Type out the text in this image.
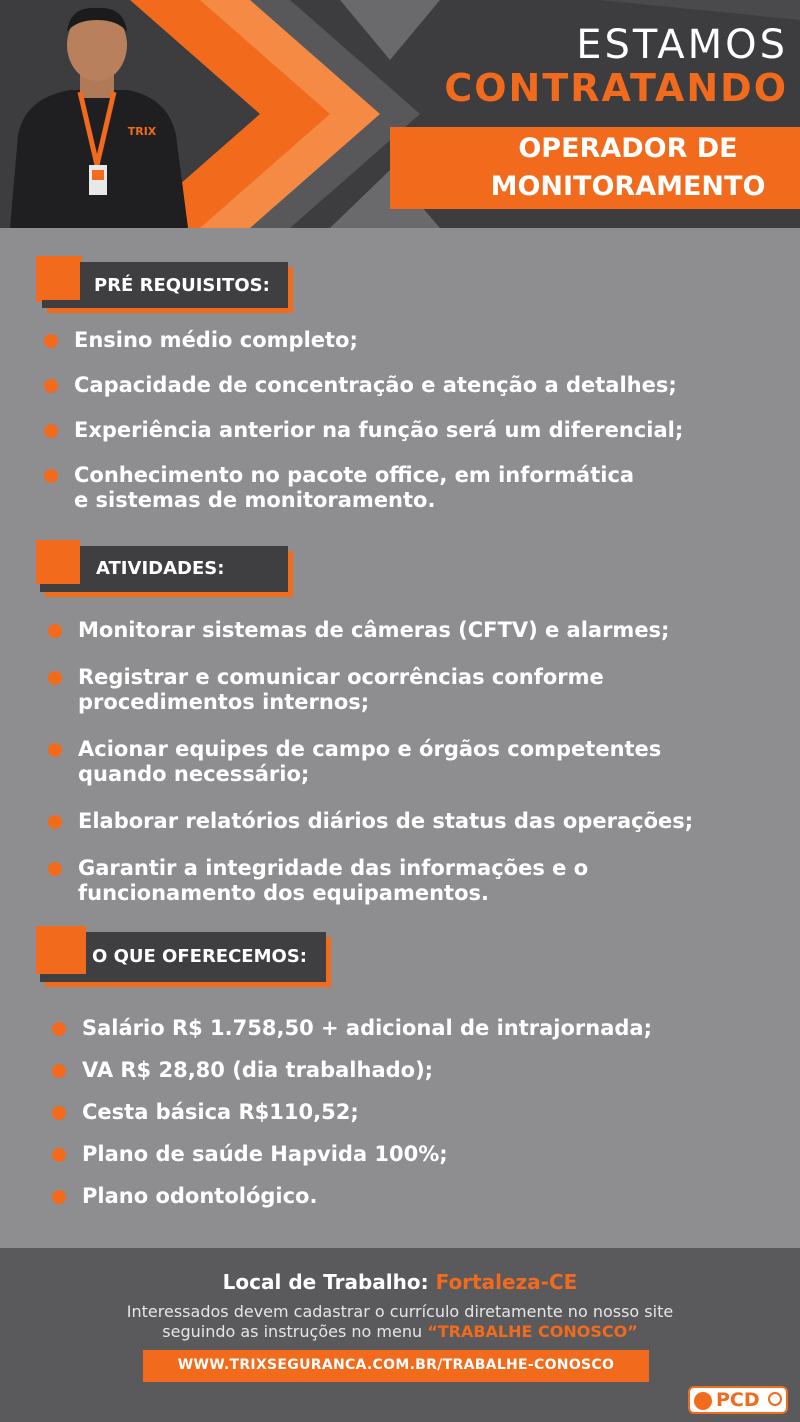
TRIX
ESTAMOS
CONTRATANDO
OPERADOR DE
MONITORAMENTO
PRÉ REQUISITOS:
Ensino médio completo;
Capacidade de concentração e atenção a detalhes;
Experiência anterior na função será um diferencial;
Conhecimento no pacote office, em informática e sistemas de monitoramento.
ATIVIDADES:
Monitorar sistemas de câmeras (CFTV) e alarmes;
Registrar e comunicar ocorrências conforme procedimentos internos;
Acionar equipes de campo e órgãos competentes quando necessário;
Elaborar relatórios diários de status das operações;
Garantir a integridade das informações e o funcionamento dos equipamentos.
O QUE OFERECEMOS:
Salário R$ 1.758,50 + adicional de intrajornada;
VA R$ 28,80 (dia trabalhado);
Cesta básica R$110,52;
Plano de saúde Hapvida 100%;
Plano odontológico.
Local de Trabalho: Fortaleza-CE
Interessados devem cadastrar o currículo diretamente no nosso site
seguindo as instruções no menu “TRABALHE CONOSCO”
WWW.TRIXSEGURANCA.COM.BR/TRABALHE-CONOSCO
PCD
